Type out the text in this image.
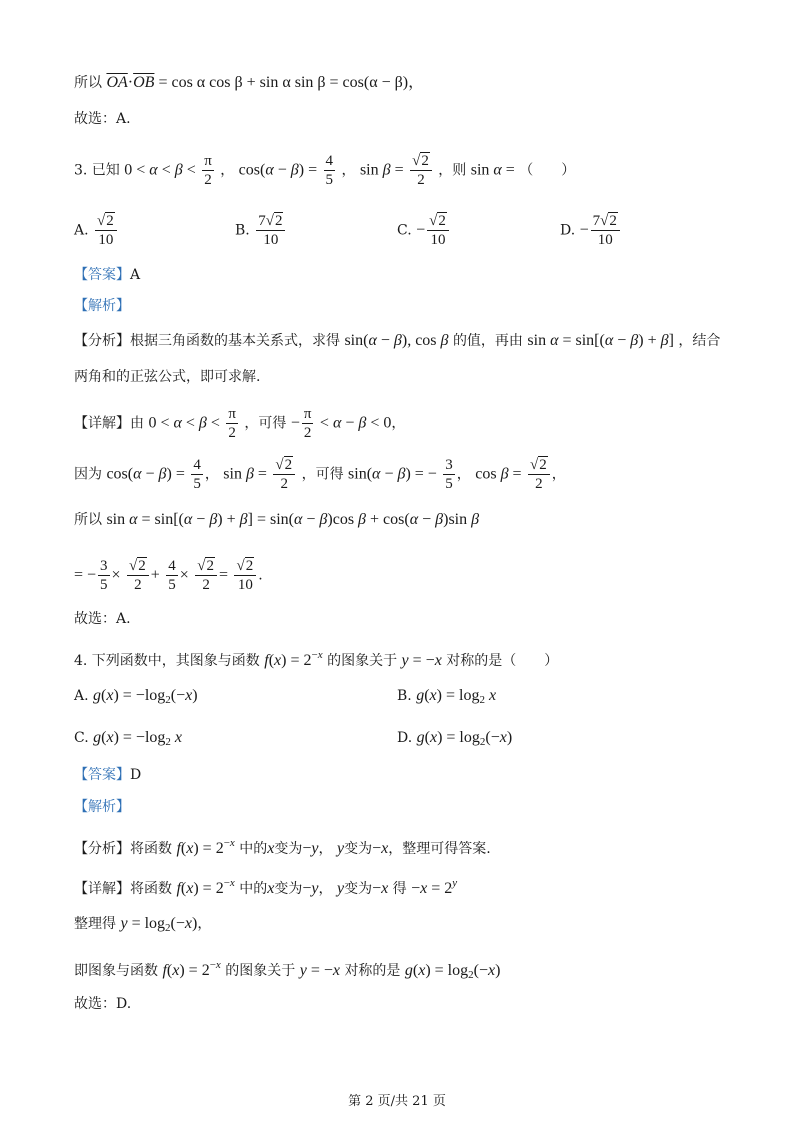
所以 $\overline{OA}\cdot\overline{OB} = \cos \alpha$ cos β + sin α sin β = cos(α − β)，
故选：A.
3. 已知 $0 < \alpha < \beta < \frac{\pi}{2}$ ， $\cos(\alpha - \beta) = \frac{4}{5}$ ， $\sin \beta = \frac{√2}{2}$ ，则 sin α = （　　）
A. $\frac{√2}{10}$	B. $\frac{7√2}{10}$	C. − $\frac{√2}{10}$	D. − $\frac{7√2}{10}$
【答案】A
【解析】
【分析】根据三角函数的基本关系式，求得 sin(α − β), cos β 的值，再由 sin α = sin[(α − β) + β] ，结合
两角和的正弦公式，即可求解.
【详解】由 $0 < \alpha < \beta < \frac{\pi}{2}$ ，可得 − $\frac{\pi}{2} < \alpha - \beta < 0$，
因为 $\cos(\alpha - \beta) = \frac{4}{5}$ ， $\sin \beta = \frac{√2}{2}$ ，可得 sin(α − β) = − $\frac{3}{5}$ ， $\cos \beta = \frac{√2}{2}$ ，
所以 sin α = sin[(α − β) + β] = sin(α − β)cos β + cos(α − β)sin β
= − $\frac{3}{5} \times \frac{√2}{2} + \frac{4}{5} \times \frac{√2}{2} = \frac{√2}{10}$ .
故选：A.
4. 下列函数中，其图象与函数 $f(x) = 2^{-x}$ 的图象关于 y = −x 对称的是（　　）
A. $g(x) = -\log_2(-x)$	B. $g(x) = \log_2 x$
C. $g(x) = -\log_2$ x	D. $g(x) = \log_2(-x)$
【答案】D
【解析】
【分析】将函数 $f(x) = 2^{-x}$ 中的x变为−y， y变为−x，整理可得答案.
【详解】将函数 $f(x) = 2^{-x}$ 中的x变为−y， y变为−x 得 $-x = 2^y$
整理得 $y = \log_2(-x)$，
即图象与函数 $f(x) = 2^{-x}$ 的图象关于 y = −x 对称的是 $g(x) = \log_2(-x)$
故选：D.
第 2 页/共 21 页
